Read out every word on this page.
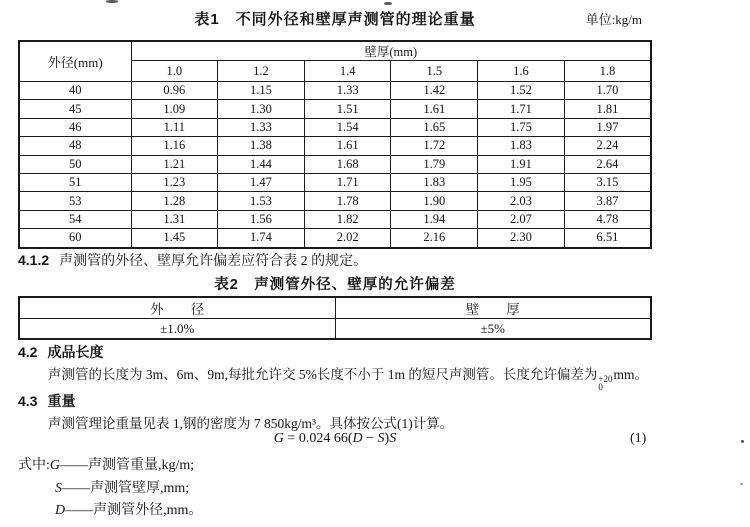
表1　不同外径和壁厚声测管的理论重量	单位:kg/m
外径(mm)	壁厚(mm)					
	1.0	1.2	1.4	1.5	1.6	1.8
40	0.96	1.15	1.33	1.42	1.52	1.70
45	1.09	1.30	1.51	1.61	1.71	1.81
46	1.11	1.33	1.54	1.65	1.75	1.97
48	1.16	1.38	1.61	1.72	1.83	2.24
50	1.21	1.44	1.68	1.79	1.91	2.64
51	1.23	1.47	1.71	1.83	1.95	3.15
53	1.28	1.53	1.78	1.90	2.03	3.87
54	1.31	1.56	1.82	1.94	2.07	4.78
60	1.45	1.74	2.02	2.16	2.30	6.51
4.1.2 声测管的外径、壁厚允许偏差应符合表 2 的规定。
表2　声测管外径、壁厚的允许偏差
外　　径	壁　　厚
±1.0%	±5%
4.2 成品长度
声测管的长度为 3m、6m、9m,每批允许交 5%长度不小于 1m 的短尺声测管。长度允许偏差为 +20
0
mm。
4.3 重量
声测管理论重量见表 1,钢的密度为 7 850kg/m³。具体按公式(1)计算。
G = 0.024 66(D − S)S	(1)
式中:G——声测管重量,kg/m;
S——声测管壁厚,mm;
D——声测管外径,mm。
